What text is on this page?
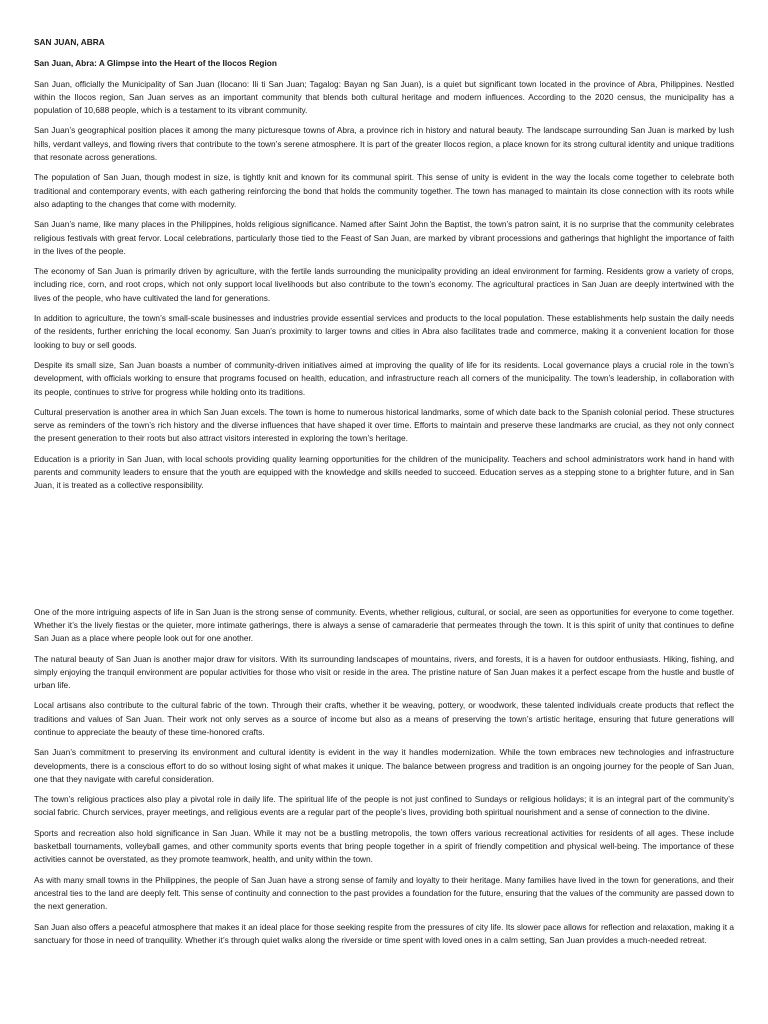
SAN JUAN, ABRA
San Juan, Abra: A Glimpse into the Heart of the Ilocos Region

San Juan, officially the Municipality of San Juan (Ilocano: Ili ti San Juan; Tagalog: Bayan ng San Juan), is a quiet but significant town located in the province of Abra, Philippines. Nestled within the Ilocos region, San Juan serves as an important community that blends both cultural heritage and modern influences. According to the 2020 census, the municipality has a population of 10,688 people, which is a testament to its vibrant community.

San Juan’s geographical position places it among the many picturesque towns of Abra, a province rich in history and natural beauty. The landscape surrounding San Juan is marked by lush hills, verdant valleys, and flowing rivers that contribute to the town’s serene atmosphere. It is part of the greater Ilocos region, a place known for its strong cultural identity and unique traditions that resonate across generations.

The population of San Juan, though modest in size, is tightly knit and known for its communal spirit. This sense of unity is evident in the way the locals come together to celebrate both traditional and contemporary events, with each gathering reinforcing the bond that holds the community together. The town has managed to maintain its close connection with its roots while also adapting to the changes that come with modernity.

San Juan’s name, like many places in the Philippines, holds religious significance. Named after Saint John the Baptist, the town’s patron saint, it is no surprise that the community celebrates religious festivals with great fervor. Local celebrations, particularly those tied to the Feast of San Juan, are marked by vibrant processions and gatherings that highlight the importance of faith in the lives of the people.

The economy of San Juan is primarily driven by agriculture, with the fertile lands surrounding the municipality providing an ideal environment for farming. Residents grow a variety of crops, including rice, corn, and root crops, which not only support local livelihoods but also contribute to the town’s economy. The agricultural practices in San Juan are deeply intertwined with the lives of the people, who have cultivated the land for generations.

In addition to agriculture, the town’s small-scale businesses and industries provide essential services and products to the local population. These establishments help sustain the daily needs of the residents, further enriching the local economy. San Juan’s proximity to larger towns and cities in Abra also facilitates trade and commerce, making it a convenient location for those looking to buy or sell goods.

Despite its small size, San Juan boasts a number of community-driven initiatives aimed at improving the quality of life for its residents. Local governance plays a crucial role in the town’s development, with officials working to ensure that programs focused on health, education, and infrastructure reach all corners of the municipality. The town’s leadership, in collaboration with its people, continues to strive for progress while holding onto its traditions.

Cultural preservation is another area in which San Juan excels. The town is home to numerous historical landmarks, some of which date back to the Spanish colonial period. These structures serve as reminders of the town’s rich history and the diverse influences that have shaped it over time. Efforts to maintain and preserve these landmarks are crucial, as they not only connect the present generation to their roots but also attract visitors interested in exploring the town’s heritage.

Education is a priority in San Juan, with local schools providing quality learning opportunities for the children of the municipality. Teachers and school administrators work hand in hand with parents and community leaders to ensure that the youth are equipped with the knowledge and skills needed to succeed. Education serves as a stepping stone to a brighter future, and in San Juan, it is treated as a collective responsibility.

One of the more intriguing aspects of life in San Juan is the strong sense of community. Events, whether religious, cultural, or social, are seen as opportunities for everyone to come together. Whether it’s the lively fiestas or the quieter, more intimate gatherings, there is always a sense of camaraderie that permeates through the town. It is this spirit of unity that continues to define San Juan as a place where people look out for one another.

The natural beauty of San Juan is another major draw for visitors. With its surrounding landscapes of mountains, rivers, and forests, it is a haven for outdoor enthusiasts. Hiking, fishing, and simply enjoying the tranquil environment are popular activities for those who visit or reside in the area. The pristine nature of San Juan makes it a perfect escape from the hustle and bustle of urban life.

Local artisans also contribute to the cultural fabric of the town. Through their crafts, whether it be weaving, pottery, or woodwork, these talented individuals create products that reflect the traditions and values of San Juan. Their work not only serves as a source of income but also as a means of preserving the town’s artistic heritage, ensuring that future generations will continue to appreciate the beauty of these time-honored crafts.

San Juan’s commitment to preserving its environment and cultural identity is evident in the way it handles modernization. While the town embraces new technologies and infrastructure developments, there is a conscious effort to do so without losing sight of what makes it unique. The balance between progress and tradition is an ongoing journey for the people of San Juan, one that they navigate with careful consideration.

The town’s religious practices also play a pivotal role in daily life. The spiritual life of the people is not just confined to Sundays or religious holidays; it is an integral part of the community’s social fabric. Church services, prayer meetings, and religious events are a regular part of the people’s lives, providing both spiritual nourishment and a sense of connection to the divine.

Sports and recreation also hold significance in San Juan. While it may not be a bustling metropolis, the town offers various recreational activities for residents of all ages. These include basketball tournaments, volleyball games, and other community sports events that bring people together in a spirit of friendly competition and physical well-being. The importance of these activities cannot be overstated, as they promote teamwork, health, and unity within the town.

As with many small towns in the Philippines, the people of San Juan have a strong sense of family and loyalty to their heritage. Many families have lived in the town for generations, and their ancestral ties to the land are deeply felt. This sense of continuity and connection to the past provides a foundation for the future, ensuring that the values of the community are passed down to the next generation.

San Juan also offers a peaceful atmosphere that makes it an ideal place for those seeking respite from the pressures of city life. Its slower pace allows for reflection and relaxation, making it a sanctuary for those in need of tranquility. Whether it’s through quiet walks along the riverside or time spent with loved ones in a calm setting, San Juan provides a much-needed retreat.
